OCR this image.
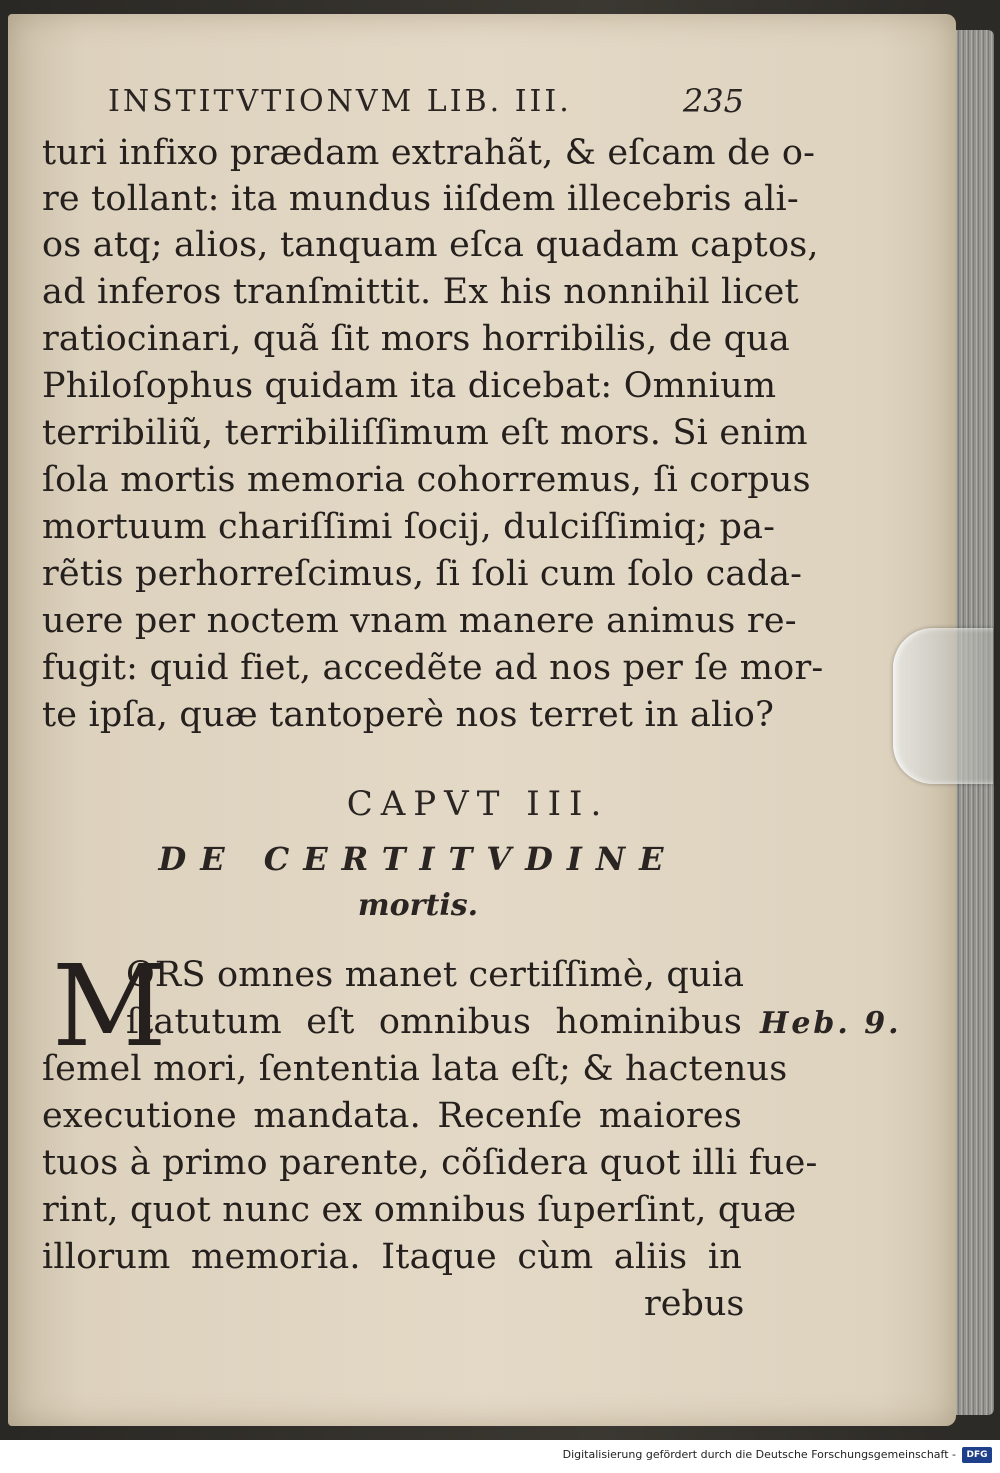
INSTITVTIONVM LIB. III.	235
turi infixo prædam extrahãt, & eſcam de o-
re tollant: ita mundus iiſdem illecebris ali-
os atq; alios, tanquam eſca quadam captos,
ad inferos tranſmittit. Ex his nonnihil licet
ratiocinari, quã ſit mors horribilis, de qua
Philoſophus quidam ita dicebat: Omnium
terribiliũ, terribiliſſimum eſt mors. Si enim
ſola mortis memoria cohorremus, ſi corpus
mortuum chariſſimi ſocij, dulciſſimiq; pa-
rẽtis perhorreſcimus, ſi ſoli cum ſolo cada-
uere per noctem vnam manere animus re-
fugit: quid fiet, accedẽte ad nos per ſe mor-
te ipſa, quæ tantoperè nos terret in alio?
CAPVT III.
DE CERTITVDINE
mortis.
M
ORS omnes manet certiſſimè, quia
ſtatutum eſt omnibus hominibus
ſemel mori, ſententia lata eſt; & hactenus
executione mandata. Recenſe maiores
tuos à primo parente, cõſidera quot illi fue-
rint, quot nunc ex omnibus ſuperſint, quæ
illorum memoria. Itaque cùm aliis in
rebus
Heb. 9.
Digitalisierung gefördert durch die Deutsche Forschungsgemeinschaft -	DFG
